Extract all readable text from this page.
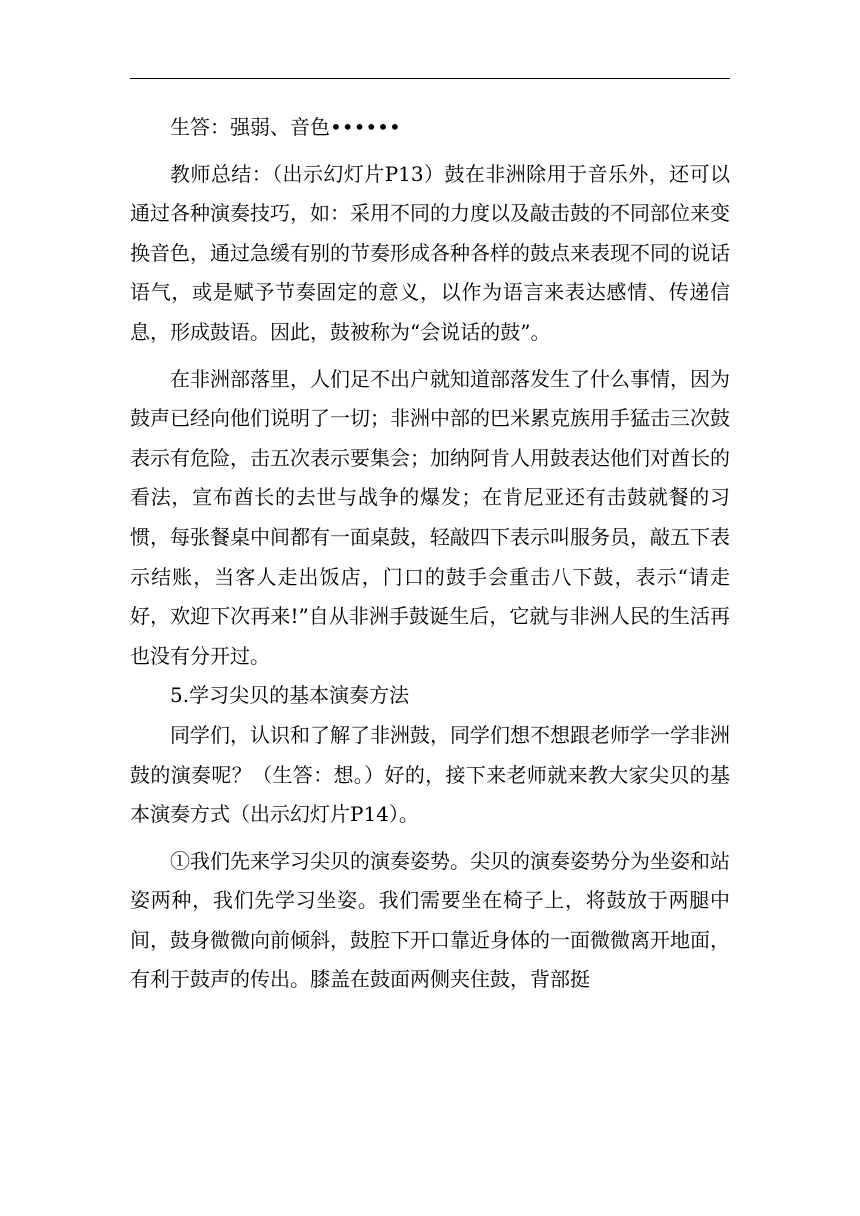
生答：强弱、音色••••••

教师总结：（出示幻灯片P13）鼓在非洲除用于音乐外，还可以通过各种演奏技巧，如：采用不同的力度以及敲击鼓的不同部位来变换音色，通过急缓有别的节奏形成各种各样的鼓点来表现不同的说话语气，或是赋予节奏固定的意义，以作为语言来表达感情、传递信息，形成鼓语。因此，鼓被称为“会说话的鼓”。

在非洲部落里，人们足不出户就知道部落发生了什么事情，因为鼓声已经向他们说明了一切；非洲中部的巴米累克族用手猛击三次鼓表示有危险，击五次表示要集会；加纳阿肯人用鼓表达他们对酋长的看法，宣布酋长的去世与战争的爆发；在肯尼亚还有击鼓就餐的习惯，每张餐桌中间都有一面桌鼓，轻敲四下表示叫服务员，敲五下表示结账，当客人走出饭店，门口的鼓手会重击八下鼓，表示“请走好，欢迎下次再来!”自从非洲手鼓诞生后，它就与非洲人民的生活再也没有分开过。

5.学习尖贝的基本演奏方法

同学们，认识和了解了非洲鼓，同学们想不想跟老师学一学非洲鼓的演奏呢？（生答：想。）好的，接下来老师就来教大家尖贝的基本演奏方式（出示幻灯片P14）。

①我们先来学习尖贝的演奏姿势。尖贝的演奏姿势分为坐姿和站姿两种，我们先学习坐姿。我们需要坐在椅子上，将鼓放于两腿中间，鼓身微微向前倾斜，鼓腔下开口靠近身体的一面微微离开地面，有利于鼓声的传出。膝盖在鼓面两侧夹住鼓，背部挺
